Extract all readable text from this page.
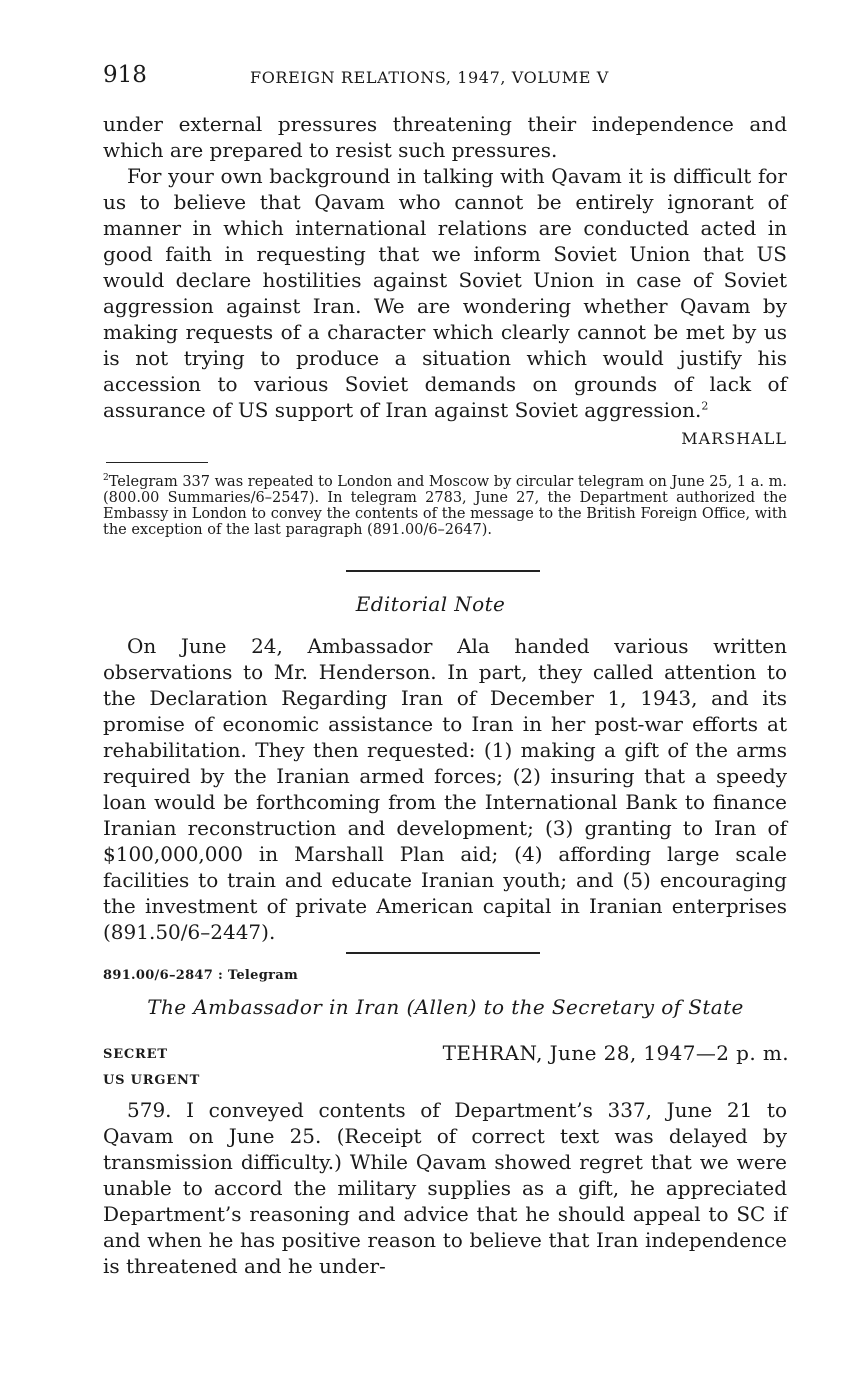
918	FOREIGN RELATIONS, 1947, VOLUME V

under external pressures threatening their independence and which are prepared to resist such pressures.

For your own background in talking with Qavam it is difficult for us to believe that Qavam who cannot be entirely ignorant of manner in which international relations are conducted acted in good faith in requesting that we inform Soviet Union that US would declare hostilities against Soviet Union in case of Soviet aggression against Iran. We are wondering whether Qavam by making requests of a character which clearly cannot be met by us is not trying to produce a situation which would justify his accession to various Soviet demands on grounds of lack of assurance of US support of Iran against Soviet aggression.$^2$

MARSHALL

$^2$Telegram 337 was repeated to London and Moscow by circular telegram on June 25, 1 a. m. (800.00 Summaries/6–2547). In telegram 2783, June 27, the Department authorized the Embassy in London to convey the contents of the message to the British Foreign Office, with the exception of the last paragraph (891.00/6–2647).

Editorial Note

On June 24, Ambassador Ala handed various written observations to Mr. Henderson. In part, they called attention to the Declaration Regarding Iran of December 1, 1943, and its promise of economic assistance to Iran in her post-war efforts at rehabilitation. They then requested: (1) making a gift of the arms required by the Iranian armed forces; (2) insuring that a speedy loan would be forthcoming from the International Bank to finance Iranian reconstruction and development; (3) granting to Iran of $100,000,000 in Marshall Plan aid; (4) affording large scale facilities to train and educate Iranian youth; and (5) encouraging the investment of private American capital in Iranian enterprises (891.50/6–2447).

891.00/6–2847 : Telegram
The Ambassador in Iran (Allen) to the Secretary of State
SECRET
US URGENT
TEHRAN, June 28, 1947—2 p. m.

579. I conveyed contents of Department’s 337, June 21 to Qavam on June 25. (Receipt of correct text was delayed by transmission difficulty.) While Qavam showed regret that we were unable to accord the military supplies as a gift, he appreciated Department’s reasoning and advice that he should appeal to SC if and when he has positive reason to believe that Iran independence is threatened and he under-
